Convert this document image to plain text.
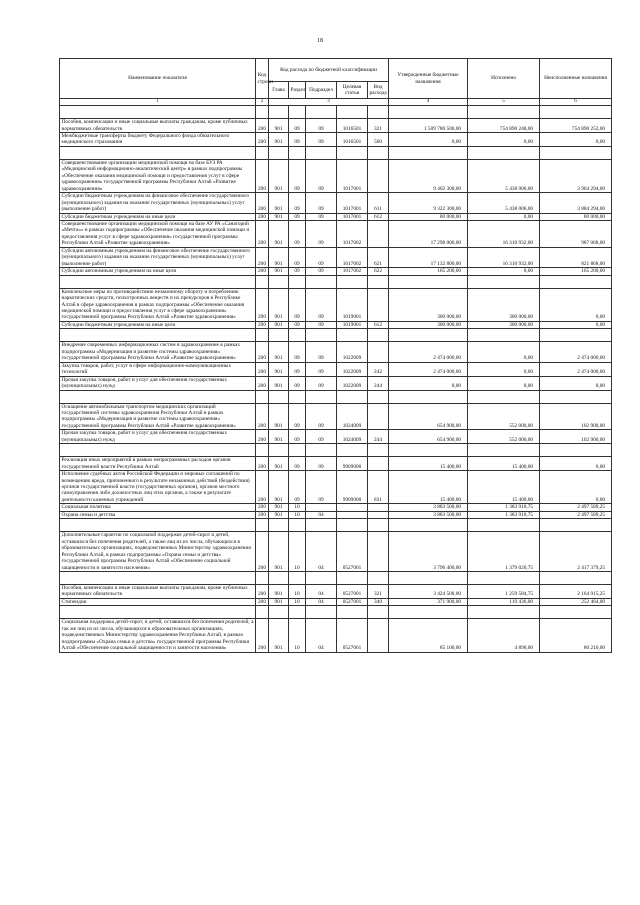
18
Наименование показателя	Код строки	Код расхода по бюджетной классификации					Утвержденные бюджетные назначения	Исполнено	Неисполненные назначения
		Глава	Раздел	Подраздел	Целевая статья	Вид расхода			
1	2	3					4	5	6

Пособия, компенсации и иные социальные выплаты гражданам, кроме публичных нормативных обязательств	200	901	09	09	1016501	321	1 509 780 500,00	754 890 248,00	754 890 252,00
Межбюджетные трансферты бюджету Федерального фонда обязательного медицинского страхования	200	901	09	09	1016501	560	0,00	0,00	0,00

Совершенствование организации медицинской помощи на базе БУЗ РА «Медицинский информационно-аналитический центр» в рамках подпрограммы «Обеспечение оказания медицинской помощи и предоставления услуг в сфере здравоохранения» государственной программы Республики Алтай «Развитие здравоохранения»	200	901	09	09	1017001		9 402 300,00	5 438 006,00	3 964 294,00
Субсидии бюджетным учреждениям на финансовое обеспечение государственного (муниципального) задания на оказание государственных (муниципальных) услуг (выполнение работ)	200	901	09	09	1017001	611	9 322 300,00	5 438 006,00	3 884 294,00
Субсидии бюджетным учреждениям на иные цели	200	901	09	09	1017001	612	80 000,00	0,00	80 000,00
Совершенствование организации медицинской помощи на базе АУ РА «Санаторий «Мечта»» в рамках подпрограммы «Обеспечение оказания медицинской помощи и предоставления услуг в сфере здравоохранения» государственной программы Республики Алтай «Развитие здравоохранения»	200	901	09	09	1017002		17 298 000,00	16 310 932,00	987 068,00
Субсидии автономным учреждениям на финансовое обеспечение государственного (муниципального) задания на оказание государственных (муниципальных) услуг (выполнение работ)	200	901	09	09	1017002	621	17 132 800,00	16 310 932,00	821 868,00
Субсидии автономным учреждениям на иные цели	200	901	09	09	1017002	622	165 200,00	0,00	165 200,00

Комплексные меры по противодействию незаконному обороту и потреблению наркотических средств, психотропных веществ и их прекурсоров в Республике Алтай в сфере здравоохранения в рамках подпрограммы «Обеспечение оказания медицинской помощи и предоставления услуг в сфере здравоохранения» государственной программы Республики Алтай «Развитие здравоохранения»	200	901	09	09	1019001		300 000,00	300 000,00	0,00
Субсидии бюджетным учреждениям на иные цели	200	901	09	09	1019001	612	300 000,00	300 000,00	0,00

Внедрение современных информационных систем в здравоохранение в рамках подпрограммы «Модернизация и развитие системы здравоохранения» государственной программы Республики Алтай «Развитие здравоохранения»	200	901	09	09	1022009		2 474 000,00	0,00	2 474 000,00
Закупка товаров, работ, услуг в сфере информационно-коммуникационных технологий	200	901	09	09	1022009	242	2 474 000,00	0,00	2 474 000,00
Прочая закупка товаров, работ и услуг для обеспечения государственных (муниципальных) нужд	200	901	09	09	1022009	244	0,00	0,00	0,00

Оснащение автомобильным транспортом медицинских организаций государственной системы здравоохранения Республики Алтай в рамках подпрограммы «Модернизация и развитие системы здравоохранения» государственной программы Республики Алтай «Развитие здравоохранения»	200	901	09	09	1024009		654 900,00	552 000,00	102 900,00
Прочая закупка товаров, работ и услуг для обеспечения государственных (муниципальных) нужд	200	901	09	09	1024009	244	654 900,00	552 000,00	102 900,00

Реализация иных мероприятий в рамках непрограммных расходов органов государственной власти Республики Алтай	200	901	09	09	9909000		15 400,00	15 400,00	0,00
Исполнение судебных актов Российской Федерации и мировых соглашений по возмещению вреда, причиненного в результате незаконных действий (бездействия) органов государственной власти (государственных органов), органов местного самоуправления либо должностных лиц этих органов, а также в результате деятельности казенных учреждений	200	901	09	09	9909000	831	15 400,00	15 400,00	0,00
Социальная политика	200	901	10				3 883 500,00	1 383 910,75	2 497 589,25
Охрана семьи и детства	200	901	10	04			3 883 500,00	1 383 910,75	2 497 589,25

Дополнительные гарантии по социальной поддержке детей-сирот и детей, оставшихся без попечения родителей, а также лиц из их числа, обучающихся в образовательных организациях, подведомственных Министерству здравоохранения Республики Алтай, в рамках подпрограммы «Охрана семьи и детства» государственной программы Республики Алтай «Обеспечение социальной защищенности и занятости населения»	200	901	10	04	0527001		3 796 400,00	1 379 020,75	2 417 379,25

Пособия, компенсации и иные социальные выплаты гражданам, кроме публичных нормативных обязательств	200	901	10	04	0527001	321	3 424 500,00	1 259 584,75	2 164 915,25
Стипендии	200	901	10	04	0527001	340	371 900,00	119 436,00	252 464,00

Социальная поддержка детей-сирот, и детей, оставшихся без попечения родителей, а так же лиц из их числа, обучающихся в образовательных организациях, подведомственных Министерству здравоохранения Республики Алтай, в рамках подпрограммы «Охрана семьи и детства» государственной программы Республики Алтай «Обеспечение социальной защищенности и занятости населения»	200	901	10	04	0527061		85 100,00	4 890,00	80 210,00
